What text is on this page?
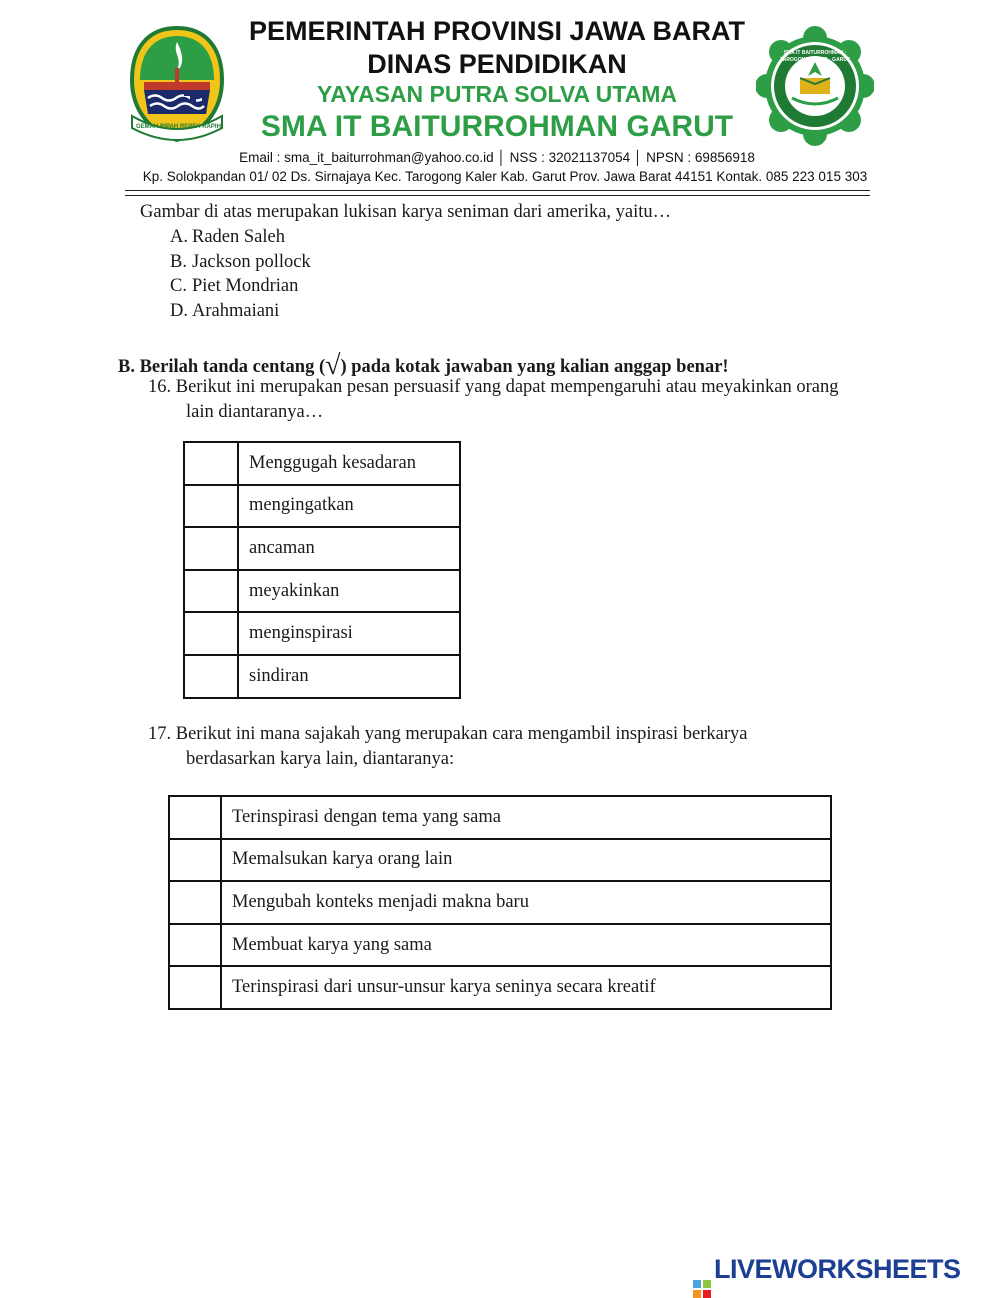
GEMAH RIPAH REPEH RAPIH
PEMERINTAH PROVINSI JAWA BARAT
DINAS PENDIDIKAN
YAYASAN PUTRA SOLVA UTAMA
SMA IT BAITURROHMAN GARUT
Email : sma_it_baiturrohman@yahoo.co.id │ NSS : 32021137054 │ NPSN : 69856918
Kp. Solokpandan 01/ 02 Ds. Sirnajaya Kec. Tarogong Kaler Kab. Garut Prov. Jawa Barat 44151 Kontak. 085 223 015 303
SMA IT BAITURROHMAN · TAROGONG KALER · GARUT
Gambar di atas merupakan lukisan karya seniman dari amerika, yaitu…
A. Raden Saleh
B. Jackson pollock
C. Piet Mondrian
D. Arahmaiani
B. Berilah tanda centang (√) pada kotak jawaban yang kalian anggap benar!
16. Berikut ini merupakan pesan persuasif yang dapat mempengaruhi atau meyakinkan orang
lain diantaranya…
	Menggugah kesadaran
	mengingatkan
	ancaman
	meyakinkan
	menginspirasi
	sindiran
17. Berikut ini mana sajakah yang merupakan cara mengambil inspirasi berkarya
berdasarkan karya lain, diantaranya:
	Terinspirasi dengan tema yang sama
	Memalsukan karya orang lain
	Mengubah konteks menjadi makna baru
	Membuat karya yang sama
	Terinspirasi dari unsur-unsur karya seninya secara kreatif
LIVEWORKSHEETS
